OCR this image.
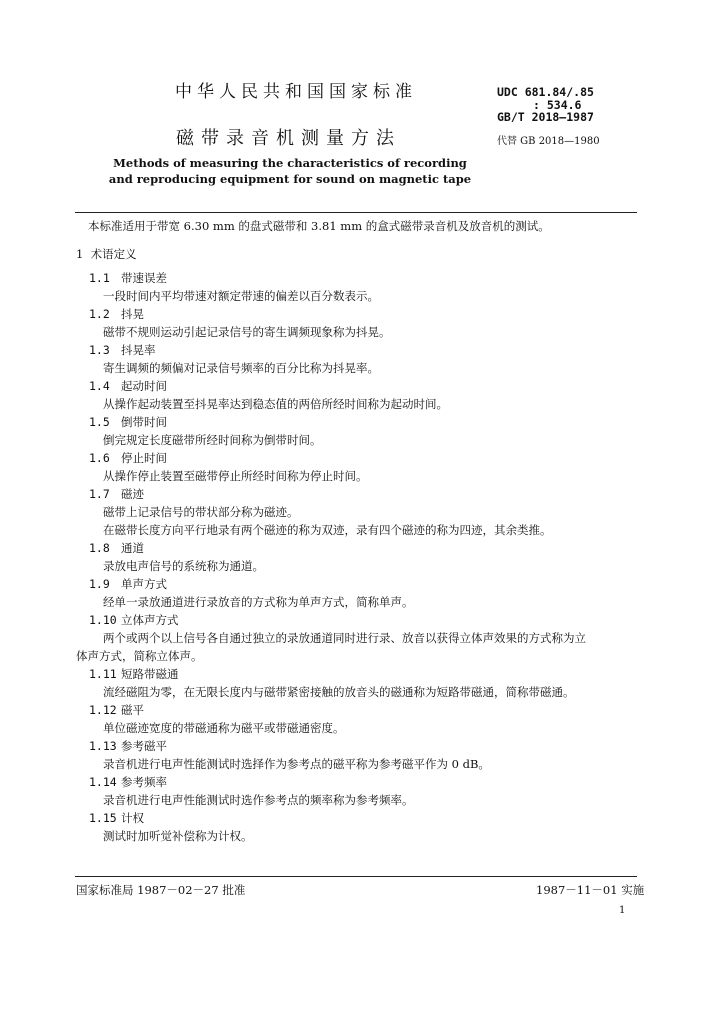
中华人民共和国国家标准
磁带录音机测量方法
Methods of measuring the characteristics of recording
and reproducing equipment for sound on magnetic tape
UDC 681.84/.85
: 534.6
GB/T 2018—1987
代替 GB 2018—1980
本标准适用于带宽 6.30 mm 的盘式磁带和 3.81 mm 的盒式磁带录音机及放音机的测试。
1 术语定义
1.1 带速误差
一段时间内平均带速对额定带速的偏差以百分数表示。
1.2 抖晃
磁带不规则运动引起记录信号的寄生调频现象称为抖晃。
1.3 抖晃率
寄生调频的频偏对记录信号频率的百分比称为抖晃率。
1.4 起动时间
从操作起动装置至抖晃率达到稳态值的两倍所经时间称为起动时间。
1.5 倒带时间
倒完规定长度磁带所经时间称为倒带时间。
1.6 停止时间
从操作停止装置至磁带停止所经时间称为停止时间。
1.7 磁迹
磁带上记录信号的带状部分称为磁迹。
在磁带长度方向平行地录有两个磁迹的称为双迹，录有四个磁迹的称为四迹，其余类推。
1.8 通道
录放电声信号的系统称为通道。
1.9 单声方式
经单一录放通道进行录放音的方式称为单声方式，简称单声。
1.10 立体声方式
两个或两个以上信号各自通过独立的录放通道同时进行录、放音以获得立体声效果的方式称为立
体声方式，简称立体声。
1.11 短路带磁通
流经磁阻为零，在无限长度内与磁带紧密接触的放音头的磁通称为短路带磁通，简称带磁通。
1.12 磁平
单位磁迹宽度的带磁通称为磁平或带磁通密度。
1.13 参考磁平
录音机进行电声性能测试时选择作为参考点的磁平称为参考磁平作为 0 dB。
1.14 参考频率
录音机进行电声性能测试时选作参考点的频率称为参考频率。
1.15 计权
测试时加听觉补偿称为计权。
国家标准局 1987－02－27 批准	1987－11－01 实施
1
